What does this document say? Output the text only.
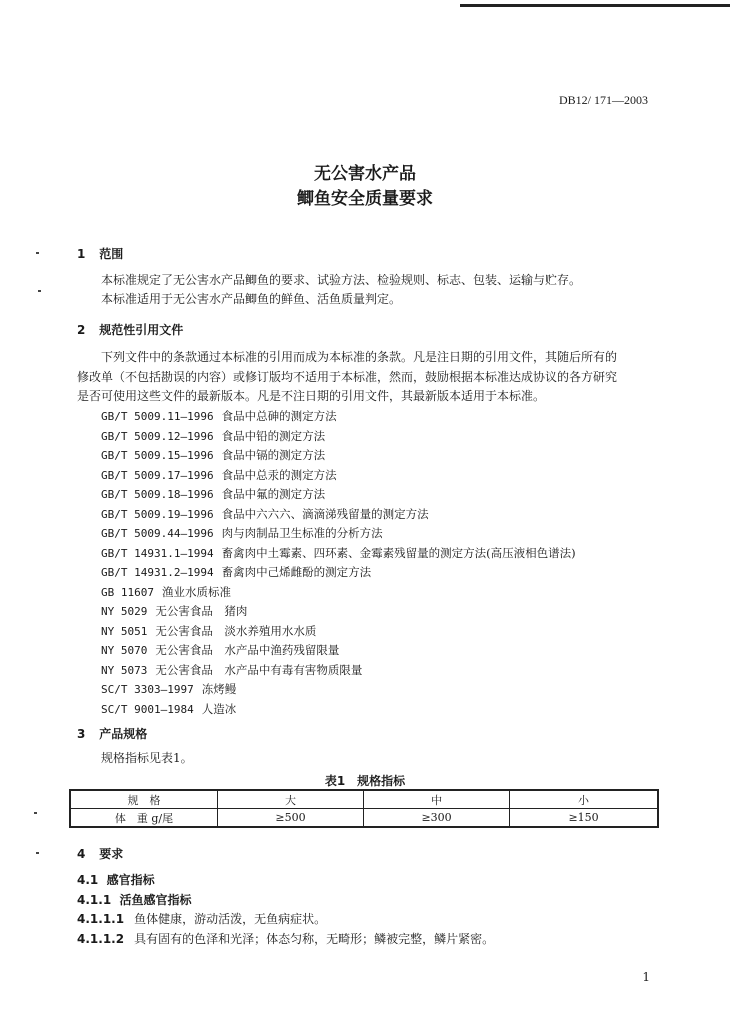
DB12/ 171—2003
无公害水产品
鲫鱼安全质量要求
1 范围
本标准规定了无公害水产品鲫鱼的要求、试验方法、检验规则、标志、包装、运输与贮存。
本标准适用于无公害水产品鲫鱼的鲜鱼、活鱼质量判定。
2 规范性引用文件
下列文件中的条款通过本标准的引用而成为本标准的条款。凡是注日期的引用文件，其随后所有的
修改单（不包括勘误的内容）或修订版均不适用于本标准，然而，鼓励根据本标准达成协议的各方研究
是否可使用这些文件的最新版本。凡是不注日期的引用文件，其最新版本适用于本标准。
GB/T 5009.11—1996 食品中总砷的测定方法
GB/T 5009.12—1996 食品中铅的测定方法
GB/T 5009.15—1996 食品中镉的测定方法
GB/T 5009.17—1996 食品中总汞的测定方法
GB/T 5009.18—1996 食品中氟的测定方法
GB/T 5009.19—1996 食品中六六六、滴滴涕残留量的测定方法
GB/T 5009.44—1996 肉与肉制品卫生标准的分析方法
GB/T 14931.1—1994 畜禽肉中土霉素、四环素、金霉素残留量的测定方法(高压液相色谱法)
GB/T 14931.2—1994 畜禽肉中己烯雌酚的测定方法
GB 11607 渔业水质标准
NY 5029 无公害食品　猪肉
NY 5051 无公害食品　淡水养殖用水水质
NY 5070 无公害食品　水产品中渔药残留限量
NY 5073 无公害食品　水产品中有毒有害物质限量
SC/T 3303—1997 冻烤鳗
SC/T 9001—1984 人造冰
3 产品规格
规格指标见表1。
表1　规格指标
规　格	大	中	小
体　重 g/尾	≥500	≥300	≥150
4 要求
4.1 感官指标
4.1.1 活鱼感官指标
4.1.1.1 鱼体健康，游动活泼，无鱼病症状。
4.1.1.2 具有固有的色泽和光泽；体态匀称，无畸形；鳞被完整，鳞片紧密。
1
